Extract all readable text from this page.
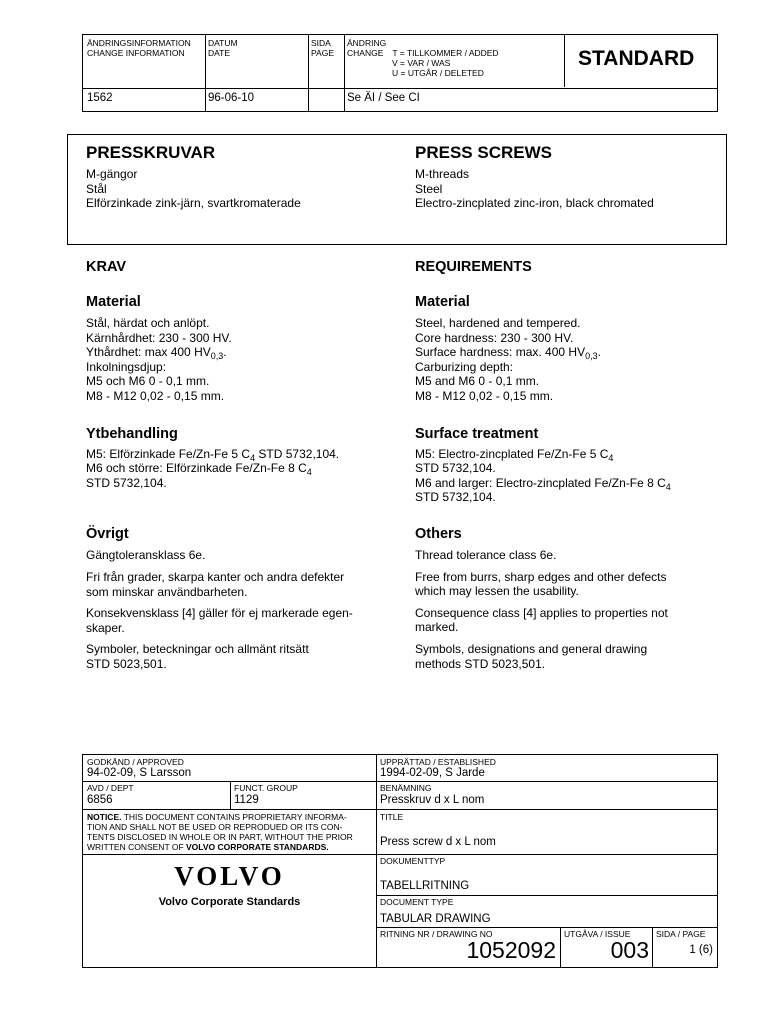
ÄNDRINGSINFORMATION
CHANGE INFORMATION
DATUM
DATE
SIDA
PAGE
ÄNDRING
CHANGE T = TILLKOMMER / ADDED
V = VAR / WAS
U = UTGÅR / DELETED
STANDARD
1562	96-06-10	Se ÄI / See CI
PRESSKRUVAR
M-gängor
Stål
Elförzinkade zink-järn, svartkromaterade
PRESS SCREWS
M-threads
Steel
Electro-zincplated zinc-iron, black chromated
KRAV
Material
Stål, härdat och anlöpt.
Kärnhårdhet: 230 - 300 HV.
Ythårdhet: max 400 $HV_{0,3}$.
Inkolningsdjup:
M5 och M6 0 - 0,1 mm.
M8 - M12 0,02 - 0,15 mm.
Ytbehandling
M5: Elförzinkade Fe/Zn-Fe 5 $C_4$ STD 5732,104.
M6 och större: Elförzinkade Fe/Zn-Fe 8 $C_4$
STD 5732,104.
Övrigt

Gängtoleransklass 6e.

Fri från grader, skarpa kanter och andra defekter
som minskar användbarheten.

Konsekvensklass [4] gäller för ej markerade egen-
skaper.

Symboler, beteckningar och allmänt ritsätt
STD 5023,501.

REQUIREMENTS
Material
Steel, hardened and tempered.
Core hardness: 230 - 300 HV.
Surface hardness: max. 400 $HV_{0,3}$.
Carburizing depth:
M5 and M6 0 - 0,1 mm.
M8 - M12 0,02 - 0,15 mm.
Surface treatment
M5: Electro-zincplated Fe/Zn-Fe 5 $C_4$
STD 5732,104.
M6 and larger: Electro-zincplated Fe/Zn-Fe 8 $C_4$
STD 5732,104.
Others

Thread tolerance class 6e.

Free from burrs, sharp edges and other defects
which may lessen the usability.

Consequence class [4] applies to properties not
marked.

Symbols, designations and general drawing
methods STD 5023,501.

GODKÄND / APPROVED
94-02-09, S Larsson
AVD / DEPT
6856
FUNCT. GROUP
1129
NOTICE. THIS DOCUMENT CONTAINS PROPRIETARY INFORMA-
TION AND SHALL NOT BE USED OR REPRODUED OR ITS CON-
TENTS DISCLOSED IN WHOLE OR IN PART, WITHOUT THE PRIOR
WRITTEN CONSENT OF VOLVO CORPORATE STANDARDS.
VOLVO
Volvo Corporate Standards
UPPRÄTTAD / ESTABLISHED
1994-02-09, S Jarde
BENÄMNING
Presskruv d x L nom
TITLE
Press screw d x L nom
DOKUMENTTYP
TABELLRITNING
DOCUMENT TYPE
TABULAR DRAWING
RITNING NR / DRAWING NO
1052092
UTGÅVA / ISSUE
003
SIDA / PAGE
1 (6)
